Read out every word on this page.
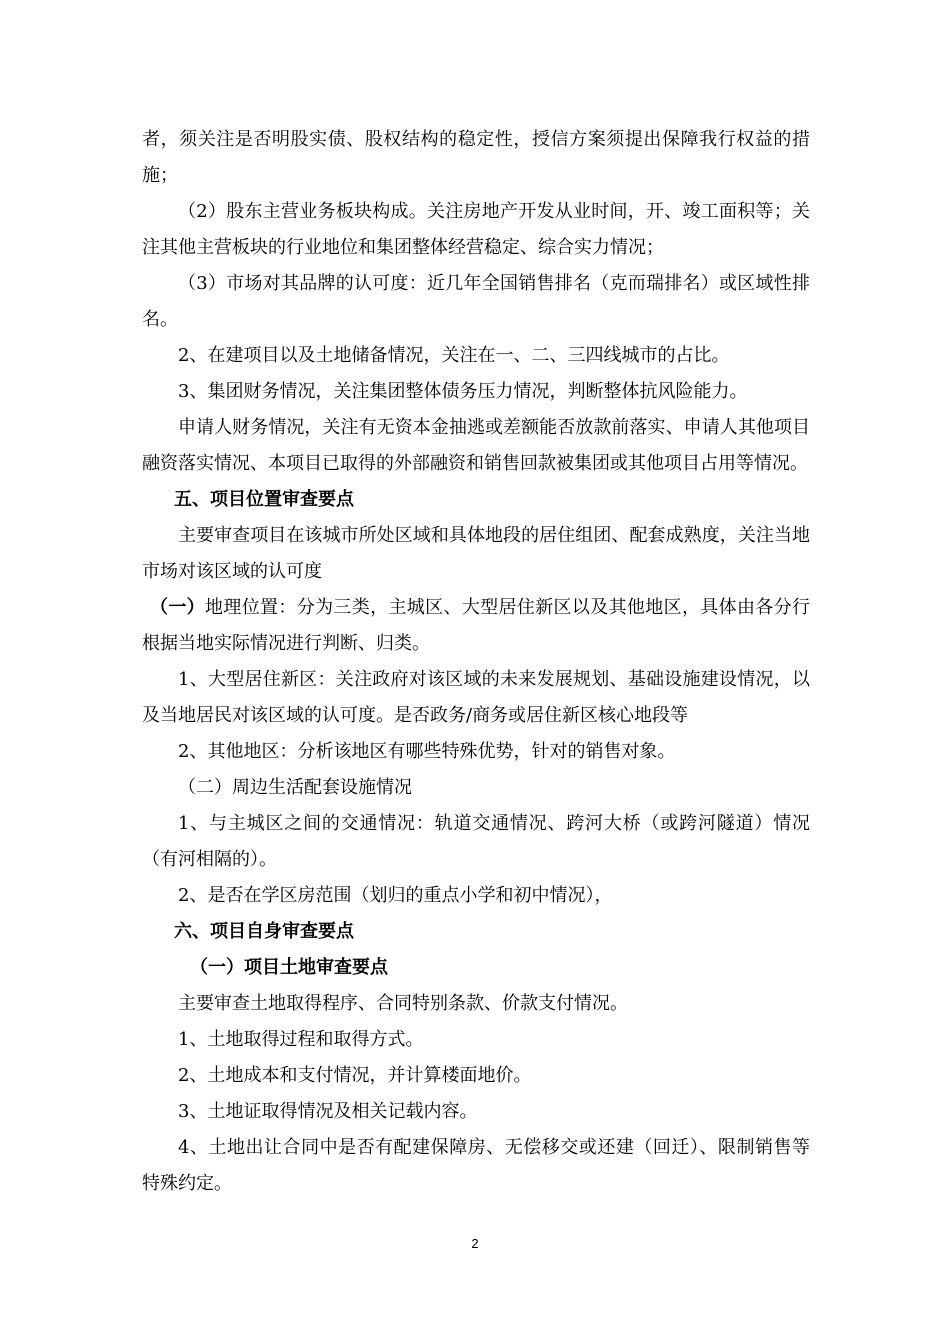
者，须关注是否明股实债、股权结构的稳定性，授信方案须提出保障我行权益的措施；

（2）股东主营业务板块构成。关注房地产开发从业时间，开、竣工面积等；关注其他主营板块的行业地位和集团整体经营稳定、综合实力情况；

（3）市场对其品牌的认可度：近几年全国销售排名（克而瑞排名）或区域性排名。

2、在建项目以及土地储备情况，关注在一、二、三四线城市的占比。

3、集团财务情况，关注集团整体债务压力情况，判断整体抗风险能力。

申请人财务情况，关注有无资本金抽逃或差额能否放款前落实、申请人其他项目融资落实情况、本项目已取得的外部融资和销售回款被集团或其他项目占用等情况。

五、项目位置审查要点

主要审查项目在该城市所处区域和具体地段的居住组团、配套成熟度，关注当地市场对该区域的认可度

（一）地理位置：分为三类，主城区、大型居住新区以及其他地区，具体由各分行根据当地实际情况进行判断、归类。

1、大型居住新区：关注政府对该区域的未来发展规划、基础设施建设情况，以及当地居民对该区域的认可度。是否政务/商务或居住新区核心地段等

2、其他地区：分析该地区有哪些特殊优势，针对的销售对象。

（二）周边生活配套设施情况

1、与主城区之间的交通情况：轨道交通情况、跨河大桥（或跨河隧道）情况（有河相隔的）。

2、是否在学区房范围（划归的重点小学和初中情况），

六、项目自身审查要点

（一）项目土地审查要点

主要审查土地取得程序、合同特别条款、价款支付情况。

1、土地取得过程和取得方式。

2、土地成本和支付情况，并计算楼面地价。

3、土地证取得情况及相关记载内容。

4、土地出让合同中是否有配建保障房、无偿移交或还建（回迁）、限制销售等特殊约定。

2
